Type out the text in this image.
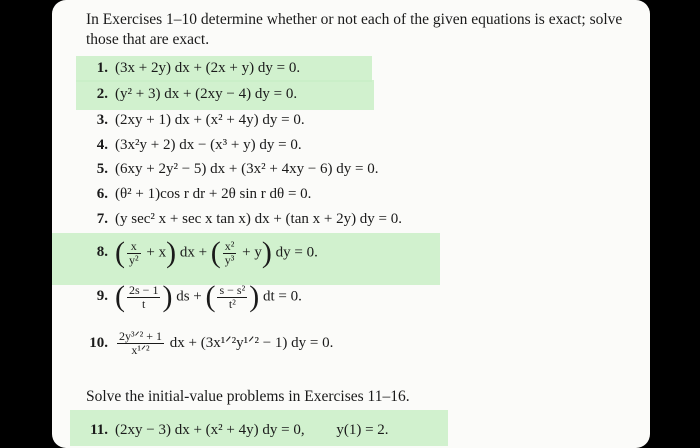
In Exercises 1–10 determine whether or not each of the given equations is exact; solve those that are exact.
1. (3x + 2y) dx + (2x + y) dy = 0.
2. (y² + 3) dx + (2xy − 4) dy = 0.
3. (2xy + 1) dx + (x² + 4y) dy = 0.
4. (3x²y + 2) dx − (x³ + y) dy = 0.
5. (6xy + 2y² − 5) dx + (3x² + 4xy − 6) dy = 0.
6. (θ² + 1)cos r dr + 2θ sin r dθ = 0.
7. (y sec² x + sec x tan x) dx + (tan x + 2y) dy = 0.
8. ( $\frac{x}{\text{y²}} + x$) dx + ( $\frac{\text{x²}}{\text{y³}} + y$) dy = 0.
9. ( $\frac{2s - 1}{t}$ ) ds + ( $\frac{\text{s − s²}}{\text{t²}}$ ) dt = 0.
10. $\frac{\text{2y³ᐟ² + 1}}{\text{x¹ᐟ²}}$ dx + (3x¹ᐟ²y¹ᐟ² − 1) dy = 0.
Solve the initial-value problems in Exercises 11–16.
11. (2xy − 3) dx + (x² + 4y) dy = 0, y(1) = 2.
